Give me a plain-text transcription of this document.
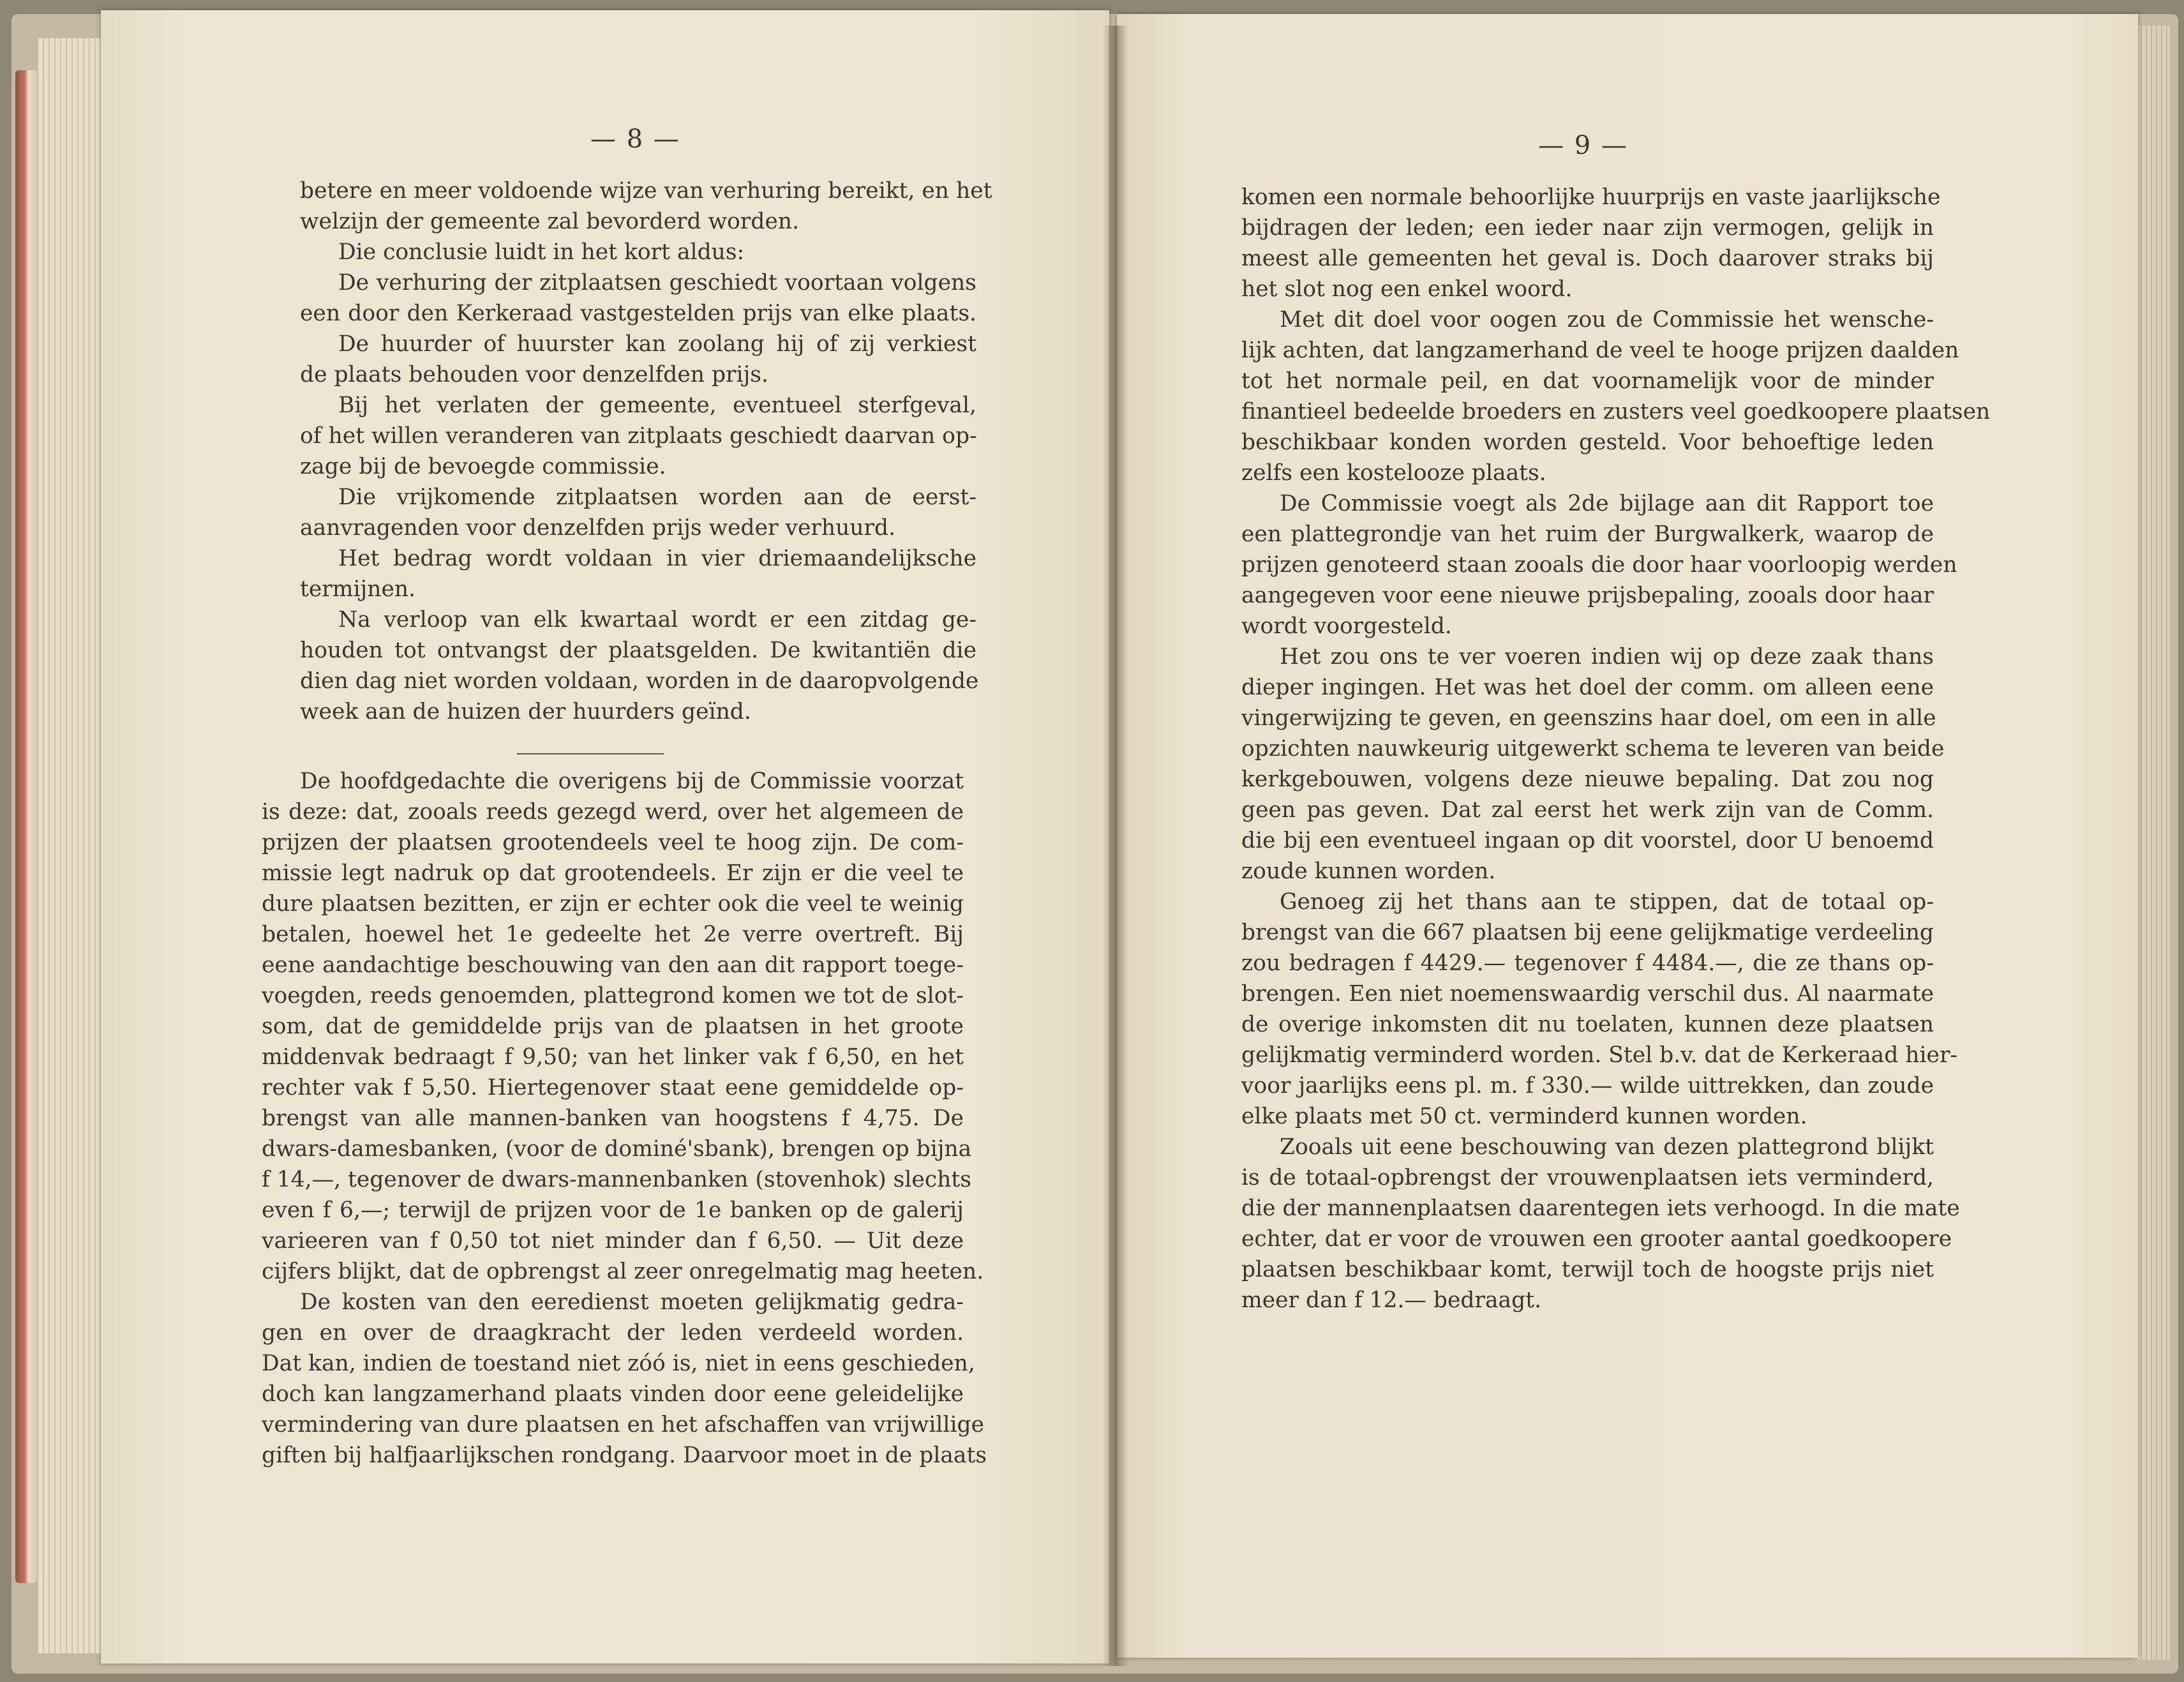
— 8 —	— 9 —
betere en meer voldoende wijze van verhuring bereikt, en het
welzijn der gemeente zal bevorderd worden.
Die conclusie luidt in het kort aldus:
De verhuring der zitplaatsen geschiedt voortaan volgens
een door den Kerkeraad vastgestelden prijs van elke plaats.
De huurder of huurster kan zoolang hij of zij verkiest
de plaats behouden voor denzelfden prijs.
Bij het verlaten der gemeente, eventueel sterfgeval,
of het willen veranderen van zitplaats geschiedt daarvan op-
zage bij de bevoegde commissie.
Die vrijkomende zitplaatsen worden aan de eerst-
aanvragenden voor denzelfden prijs weder verhuurd.
Het bedrag wordt voldaan in vier driemaandelijksche
termijnen.
Na verloop van elk kwartaal wordt er een zitdag ge-
houden tot ontvangst der plaatsgelden. De kwitantiën die
dien dag niet worden voldaan, worden in de daaropvolgende
week aan de huizen der huurders geïnd.
De hoofdgedachte die overigens bij de Commissie voorzat
is deze: dat, zooals reeds gezegd werd, over het algemeen de
prijzen der plaatsen grootendeels veel te hoog zijn. De com-
missie legt nadruk op dat grootendeels. Er zijn er die veel te
dure plaatsen bezitten, er zijn er echter ook die veel te weinig
betalen, hoewel het 1e gedeelte het 2e verre overtreft. Bij
eene aandachtige beschouwing van den aan dit rapport toege-
voegden, reeds genoemden, plattegrond komen we tot de slot-
som, dat de gemiddelde prijs van de plaatsen in het groote
middenvak bedraagt f 9,50; van het linker vak f 6,50, en het
rechter vak f 5,50. Hiertegenover staat eene gemiddelde op-
brengst van alle mannen-banken van hoogstens f 4,75. De
dwars-damesbanken, (voor de dominé'sbank), brengen op bijna
f 14,—, tegenover de dwars-mannenbanken (stovenhok) slechts
even f 6,—; terwijl de prijzen voor de 1e banken op de galerij
varieeren van f 0,50 tot niet minder dan f 6,50. — Uit deze
cijfers blijkt, dat de opbrengst al zeer onregelmatig mag heeten.
De kosten van den eeredienst moeten gelijkmatig gedra-
gen en over de draagkracht der leden verdeeld worden.
Dat kan, indien de toestand niet zóó is, niet in eens geschieden,
doch kan langzamerhand plaats vinden door eene geleidelijke
vermindering van dure plaatsen en het afschaffen van vrijwillige
giften bij halfjaarlijkschen rondgang. Daarvoor moet in de plaats
komen een normale behoorlijke huurprijs en vaste jaarlijksche
bijdragen der leden; een ieder naar zijn vermogen, gelijk in
meest alle gemeenten het geval is. Doch daarover straks bij
het slot nog een enkel woord.
Met dit doel voor oogen zou de Commissie het wensche-
lijk achten, dat langzamerhand de veel te hooge prijzen daalden
tot het normale peil, en dat voornamelijk voor de minder
finantieel bedeelde broeders en zusters veel goedkoopere plaatsen
beschikbaar konden worden gesteld. Voor behoeftige leden
zelfs een kostelooze plaats.
De Commissie voegt als 2de bijlage aan dit Rapport toe
een plattegrondje van het ruim der Burgwalkerk, waarop de
prijzen genoteerd staan zooals die door haar voorloopig werden
aangegeven voor eene nieuwe prijsbepaling, zooals door haar
wordt voorgesteld.
Het zou ons te ver voeren indien wij op deze zaak thans
dieper ingingen. Het was het doel der comm. om alleen eene
vingerwijzing te geven, en geenszins haar doel, om een in alle
opzichten nauwkeurig uitgewerkt schema te leveren van beide
kerkgebouwen, volgens deze nieuwe bepaling. Dat zou nog
geen pas geven. Dat zal eerst het werk zijn van de Comm.
die bij een eventueel ingaan op dit voorstel, door U benoemd
zoude kunnen worden.
Genoeg zij het thans aan te stippen, dat de totaal op-
brengst van die 667 plaatsen bij eene gelijkmatige verdeeling
zou bedragen f 4429.— tegenover f 4484.—, die ze thans op-
brengen. Een niet noemenswaardig verschil dus. Al naarmate
de overige inkomsten dit nu toelaten, kunnen deze plaatsen
gelijkmatig verminderd worden. Stel b.v. dat de Kerkeraad hier-
voor jaarlijks eens pl. m. f 330.— wilde uittrekken, dan zoude
elke plaats met 50 ct. verminderd kunnen worden.
Zooals uit eene beschouwing van dezen plattegrond blijkt
is de totaal-opbrengst der vrouwenplaatsen iets verminderd,
die der mannenplaatsen daarentegen iets verhoogd. In die mate
echter, dat er voor de vrouwen een grooter aantal goedkoopere
plaatsen beschikbaar komt, terwijl toch de hoogste prijs niet
meer dan f 12.— bedraagt.
